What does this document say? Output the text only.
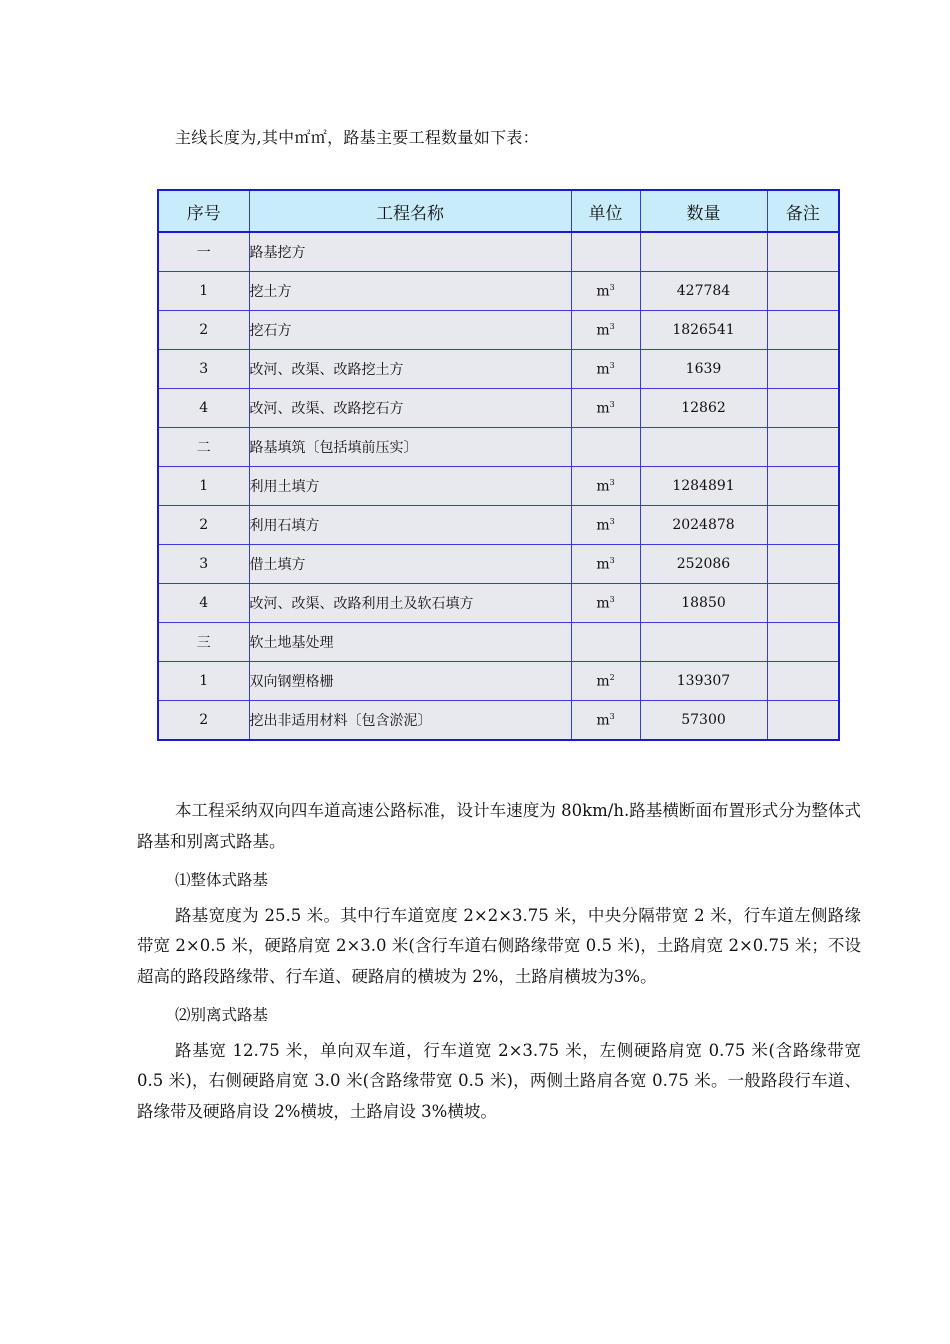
主线长度为,其中㎡㎡，路基主要工程数量如下表：
序号	工程名称	单位	数量	备注
一	路基挖方			
1	挖土方	$m^3$	427784	
2	挖石方	$m^3$	1826541	
3	改河、改渠、改路挖土方	$m^3$	1639	
4	改河、改渠、改路挖石方	$m^3$	12862	
二	路基填筑〔包括填前压实〕			
1	利用土填方	$m^3$	1284891	
2	利用石填方	$m^3$	2024878	
3	借土填方	$m^3$	252086	
4	改河、改渠、改路利用土及软石填方	$m^3$	18850	
三	软土地基处理			
1	双向钢塑格栅	$m^2$	139307	
2	挖出非适用材料〔包含淤泥〕	$m^3$	57300	

本工程采纳双向四车道高速公路标准，设计车速度为 80km/h.路基横断面布置形式分为整体式路基和别离式路基。

⑴整体式路基

路基宽度为 25.5 米。其中行车道宽度 2×2×3.75 米，中央分隔带宽 2 米，行车道左侧路缘带宽 2×0.5 米，硬路肩宽 2×3.0 米(含行车道右侧路缘带宽 0.5 米)，土路肩宽 2×0.75 米；不设超高的路段路缘带、行车道、硬路肩的横坡为 2%，土路肩横坡为3%。

⑵别离式路基

路基宽 12.75 米，单向双车道，行车道宽 2×3.75 米，左侧硬路肩宽 0.75 米(含路缘带宽 0.5 米)，右侧硬路肩宽 3.0 米(含路缘带宽 0.5 米)，两侧土路肩各宽 0.75 米。一般路段行车道、路缘带及硬路肩设 2%横坡，土路肩设 3%横坡。
